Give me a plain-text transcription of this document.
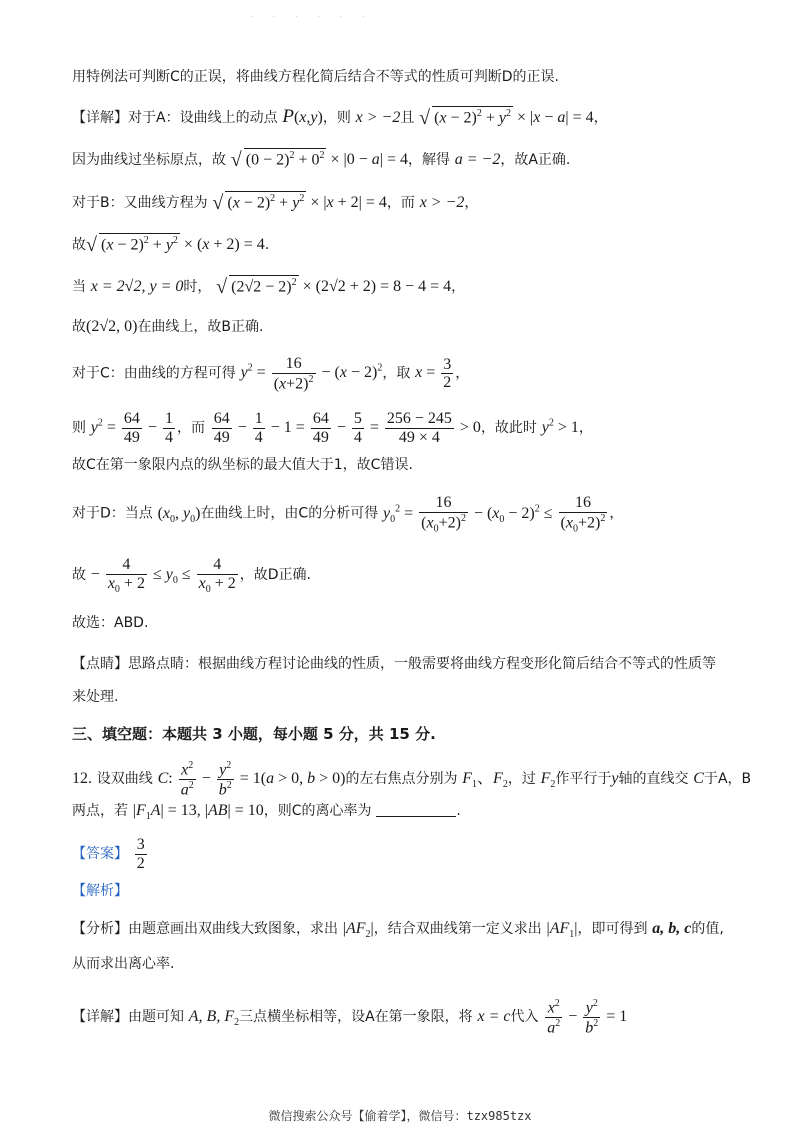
· · · · · ·
用特例法可判断C的正误，将曲线方程化简后结合不等式的性质可判断D的正误.
【详解】对于A：设曲线上的动点 P(x,y)，则 x > −2且 √ $(x - 2)^2 + y^2 \times |x - a| = 4$，
因为曲线过坐标原点，故 √ $(0 - 2)^2 + 0^2 \times |0 - a| = 4$，解得 a = −2，故A正确.
对于B：又曲线方程为 √ $(x - 2)^2 + y^2 \times |x + 2| = 4$，而 x > −2，
故√ $(x - 2)^2 + y^2 \times (x + 2) = 4$.
当 x = 2√2, y = 0时， √ $(2√2 - 2)^2 \times (2√2 + 2) = 8 - 4 = 4$，
故(2√2, 0)在曲线上，故B正确.
对于C：由曲线的方程可得 $y^2 = \frac{16}{(x+2)^2} - (x - 2)^2$，取 $x = \frac{3}{2}$ ，
则 $y^2 = \frac{64}{49} - \frac{1}{4}$ ，而 $\frac{64}{49} - \frac{1}{4} - 1 = \frac{64}{49} - \frac{5}{4} = \frac{256 - 245}{49 \times 4} > 0$，故此时 $y^2 > 1$，
故C在第一象限内点的纵坐标的最大值大于1，故C错误.
对于D：当点 ($x_0$, $y_0$)在曲线上时，由C的分析可得 $y_0^2 = \frac{16}{(x_0+2)^2} - (x_0 - 2)^2 \le \frac{16}{(x_0+2)^2}$ ，
故 − $\frac{4}{x_0 + 2} \le y_0 \le \frac{4}{x_0 + 2}$ ，故D正确.
故选：ABD.
【点睛】思路点睛：根据曲线方程讨论曲线的性质，一般需要将曲线方程变形化简后结合不等式的性质等
来处理.
三、填空题：本题共 3 小题，每小题 5 分，共 15 分.
12. 设双曲线 C: $\frac{x^2}{a^2} - \frac{y^2}{b^2} = 1(a > 0$, b > 0)的左右焦点分别为 $F_1$、$F_2$，过 $F_2$作平行于y轴的直线交 C于A，B
两点，若 $|F_1A| = 13$, |AB| = 10，则C的离心率为	.
【答案】 $\frac{3}{2}$
【解析】
【分析】由题意画出双曲线大致图象，求出 $|AF_2|$，结合双曲线第一定义求出 $|AF_1|$，即可得到 a, b, c的值,
从而求出离心率.
【详解】由题可知 A, B, $F_2$三点横坐标相等，设A在第一象限，将 x = c代入 $\frac{x^2}{a^2} - \frac{y^2}{b^2} = 1$
微信搜索公众号【偷着学】，微信号：tzx985tzx
